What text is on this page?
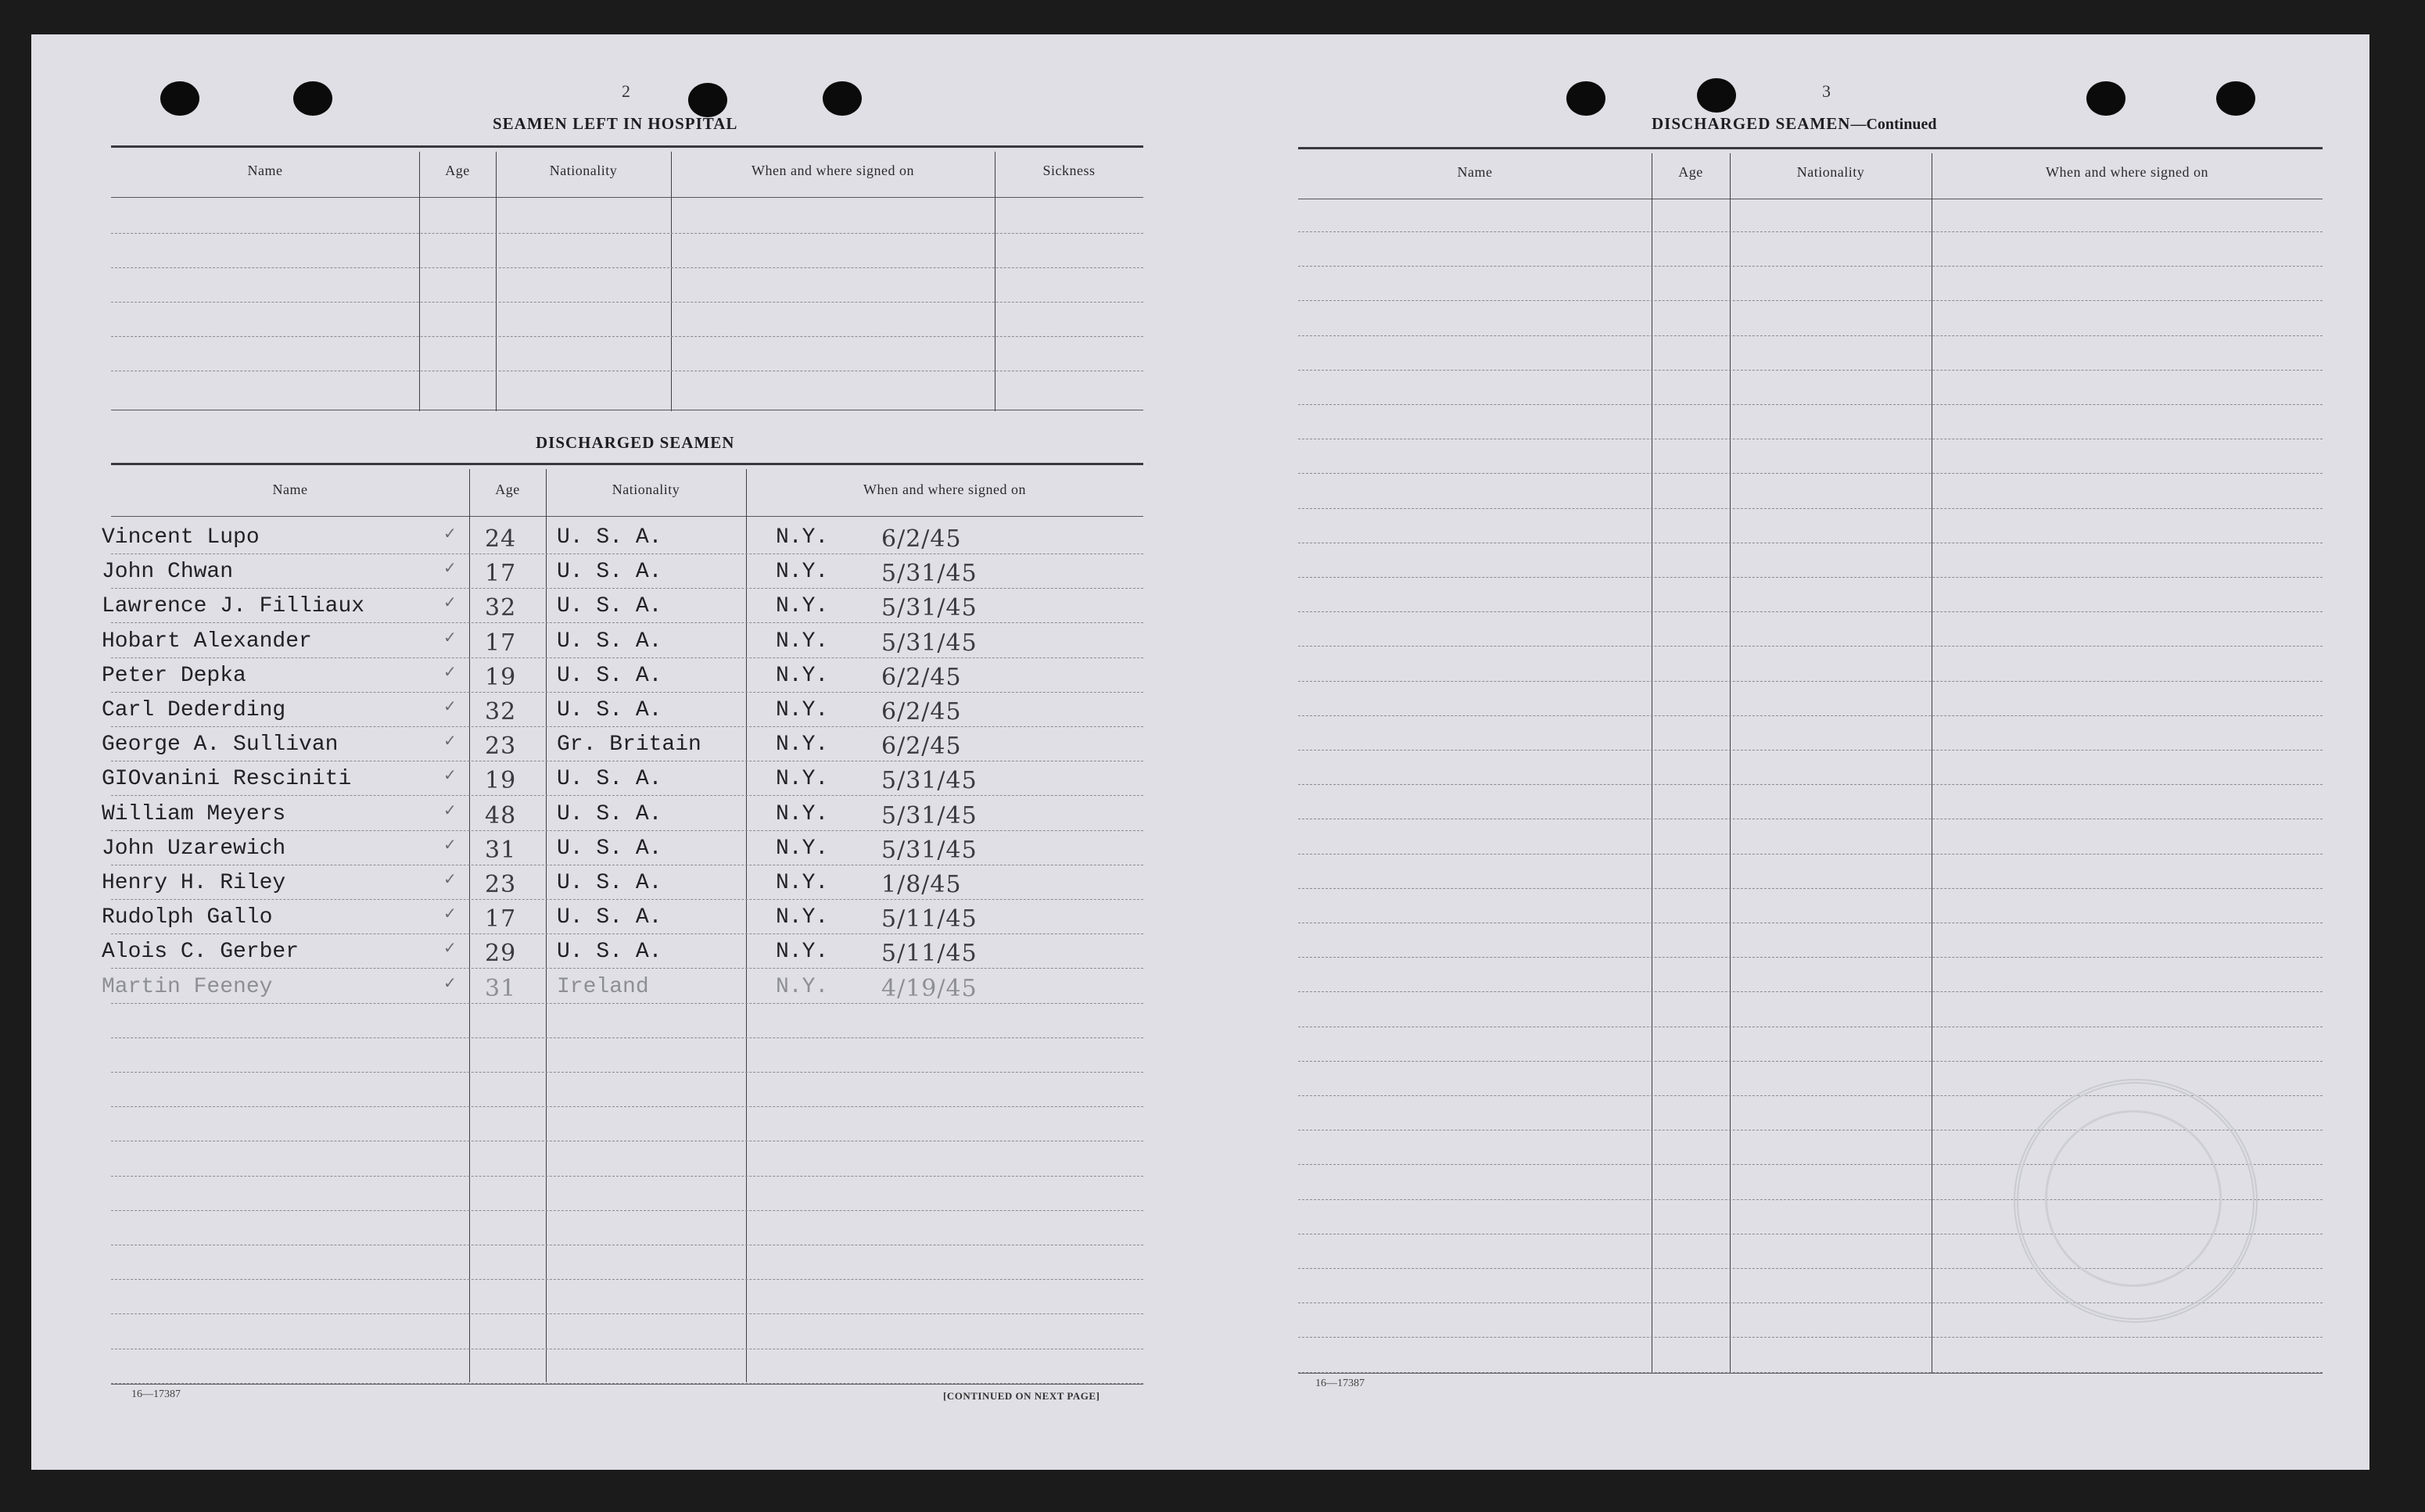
2
SEAMEN LEFT IN HOSPITAL
Name	Age	Nationality	When and where signed on	Sickness
DISCHARGED SEAMEN
Name	Age	Nationality	When and where signed on
Vincent Lupo	24 U. S. A.	N.Y. 6/2/45
✓
John Chwan	17 U. S. A.	N.Y. 5/31/45
✓
Lawrence J. Filliaux	32 U. S. A.	N.Y. 5/31/45
✓
Hobart Alexander	17 U. S. A.	N.Y. 5/31/45
✓
Peter Depka	19 U. S. A.	N.Y. 6/2/45
✓
Carl Dederding	32 U. S. A.	N.Y. 6/2/45
✓
George A. Sullivan	23 Gr. Britain	N.Y. 6/2/45
✓
GIOvanini Resciniti	19 U. S. A.	N.Y. 5/31/45
✓
William Meyers	48 U. S. A.	N.Y. 5/31/45
✓
John Uzarewich	31 U. S. A.	N.Y. 5/31/45
✓
Henry H. Riley	23 U. S. A.	N.Y. 1/8/45
✓
Rudolph Gallo	17 U. S. A.	N.Y. 5/11/45
✓
Alois C. Gerber	29 U. S. A.	N.Y. 5/11/45
✓
Martin Feeney	31 Ireland	N.Y. 4/19/45
✓
16—17387	[CONTINUED ON NEXT PAGE]
3
DISCHARGED SEAMEN—Continued
Name	Age	Nationality	When and where signed on
16—17387
